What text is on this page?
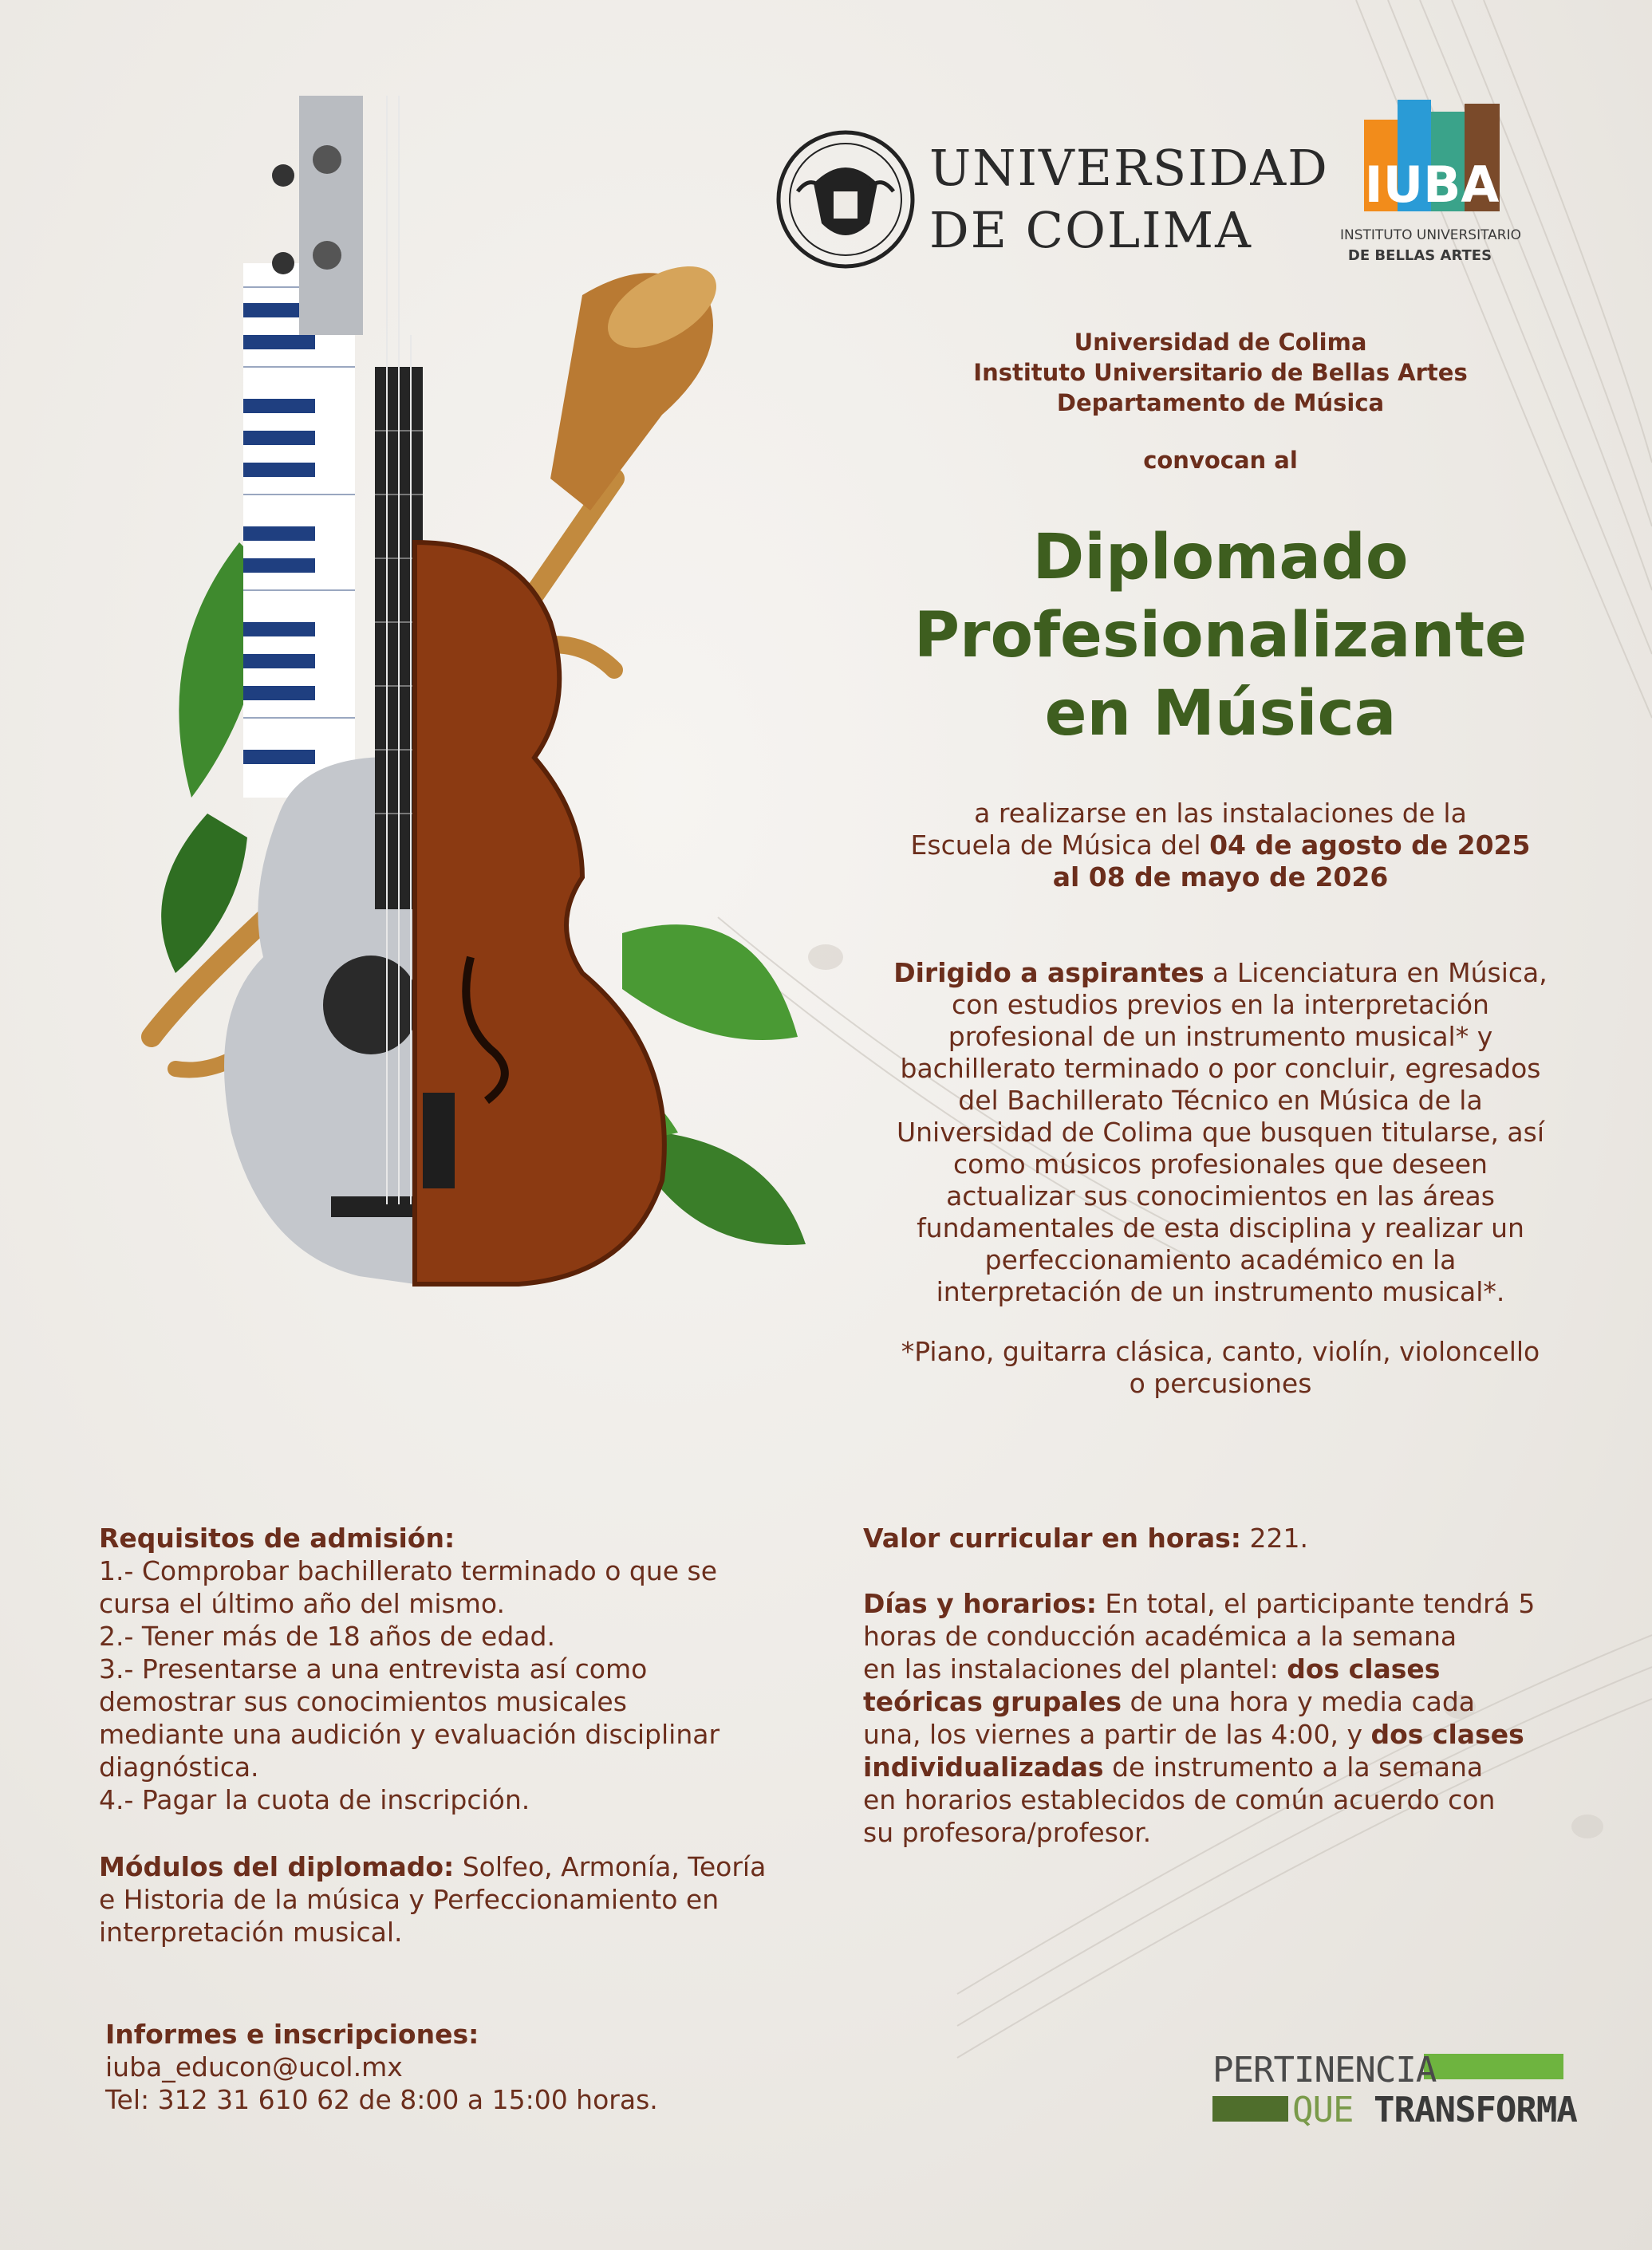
UNIVERSIDAD
DE COLIMA
IUBA
INSTITUTO UNIVERSITARIO
DE BELLAS ARTES
Universidad de Colima
Instituto Universitario de Bellas Artes
Departamento de Música
convocan al
Diplomado
Profesionalizante
en Música
a realizarse en las instalaciones de la
Escuela de Música del 04 de agosto de 2025
al 08 de mayo de 2026
Dirigido a aspirantes a Licenciatura en Música,
con estudios previos en la interpretación
profesional de un instrumento musical* y
bachillerato terminado o por concluir, egresados
del Bachillerato Técnico en Música de la
Universidad de Colima que busquen titularse, así
como músicos profesionales que deseen
actualizar sus conocimientos en las áreas
fundamentales de esta disciplina y realizar un
perfeccionamiento académico en la
interpretación de un instrumento musical*.
*Piano, guitarra clásica, canto, violín, violoncello
o percusiones
Requisitos de admisión:
1.- Comprobar bachillerato terminado o que se
cursa el último año del mismo.
2.- Tener más de 18 años de edad.
3.- Presentarse a una entrevista así como
demostrar sus conocimientos musicales
mediante una audición y evaluación disciplinar
diagnóstica.
4.- Pagar la cuota de inscripción.
Módulos del diplomado: Solfeo, Armonía, Teoría
e Historia de la música y Perfeccionamiento en
interpretación musical.
Valor curricular en horas: 221.
Días y horarios: En total, el participante tendrá 5
horas de conducción académica a la semana
en las instalaciones del plantel: dos clases
teóricas grupales de una hora y media cada
una, los viernes a partir de las 4:00, y dos clases
individualizadas de instrumento a la semana
en horarios establecidos de común acuerdo con
su profesora/profesor.
Informes e inscripciones:
iuba_educon@ucol.mx
Tel: 312 31 610 62 de 8:00 a 15:00 horas.
PERTINENCIA
QUE TRANSFORMA
